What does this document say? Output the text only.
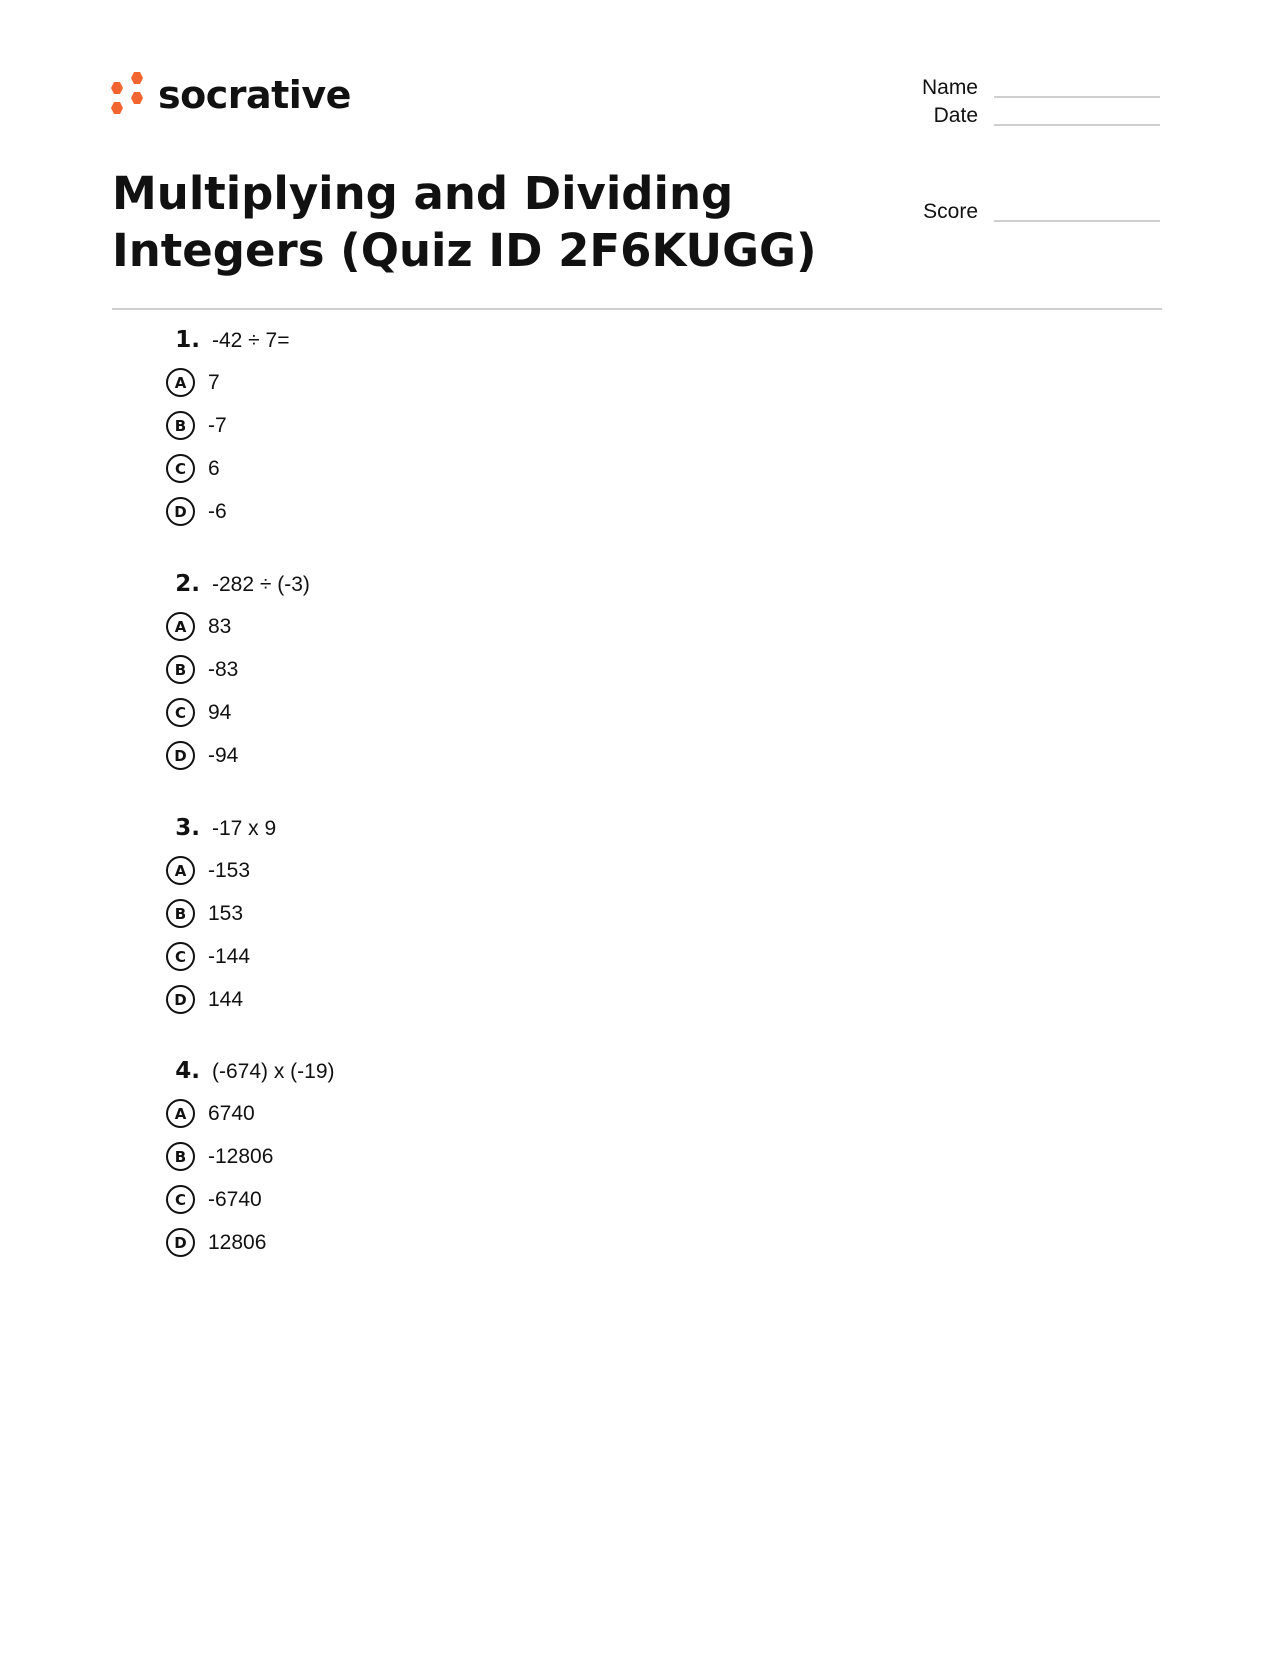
socrative	Name
Date
Score
Multiplying and Dividing Integers (Quiz ID 2F6KUGG)
1. -42 ÷ 7=
A	7
B	-7
C	6
D	-6
2. -282 ÷ (-3)
A	83
B	-83
C	94
D	-94
3. -17 x 9
A	-153
B	153
C	-144
D	144
4. (-674) x (-19)
A	6740
B	-12806
C	-6740
D	12806
